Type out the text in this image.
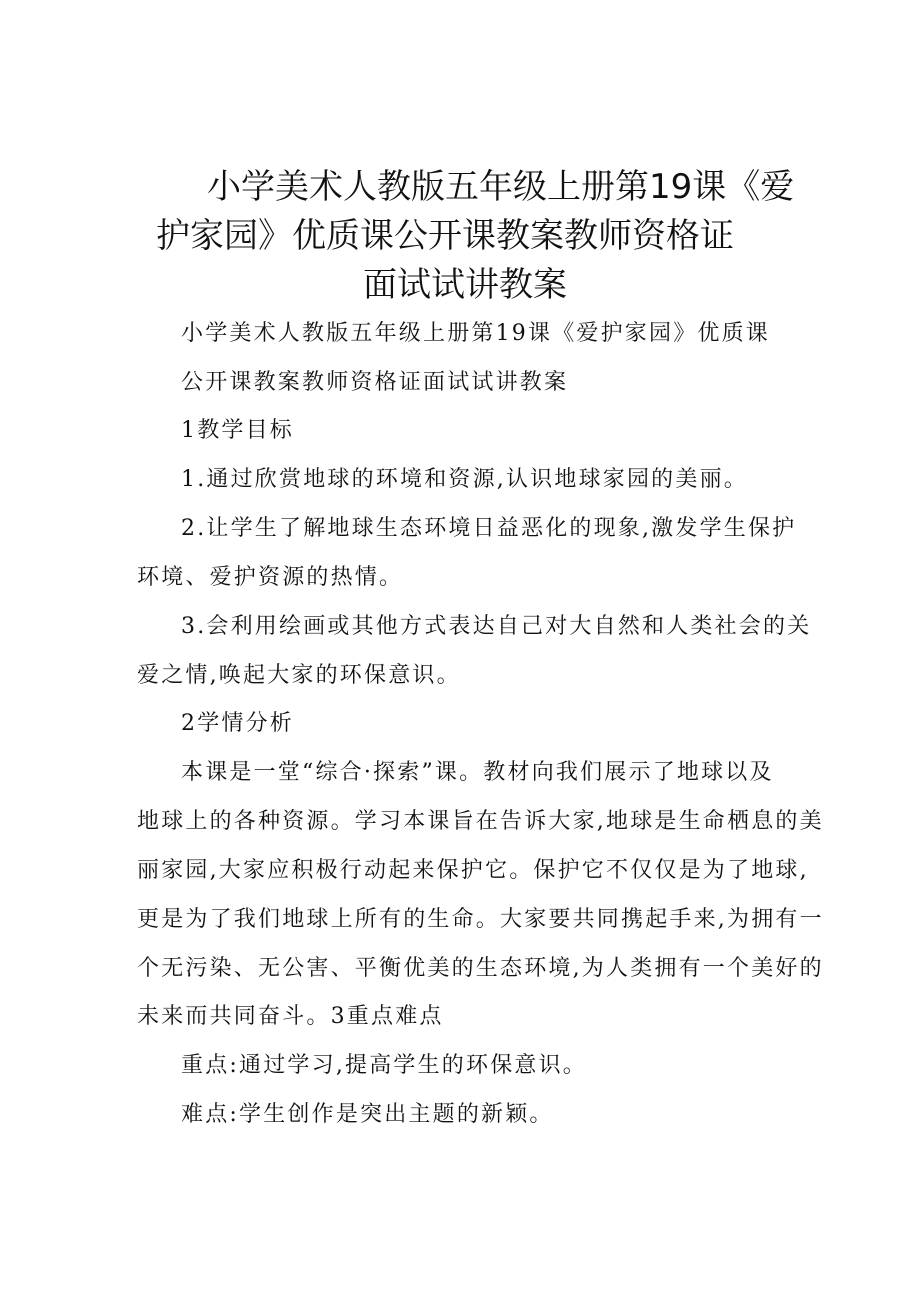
小学美术人教版五年级上册第19课《爱
护家园》优质课公开课教案教师资格证
面试试讲教案
小学美术人教版五年级上册第19课《爱护家园》优质课
公开课教案教师资格证面试试讲教案
1教学目标
1.通过欣赏地球的环境和资源,认识地球家园的美丽。
2.让学生了解地球生态环境日益恶化的现象,激发学生保护
环境、爱护资源的热情。
3.会利用绘画或其他方式表达自己对大自然和人类社会的关
爱之情,唤起大家的环保意识。
2学情分析
本课是一堂“综合·探索”课。教材向我们展示了地球以及
地球上的各种资源。学习本课旨在告诉大家,地球是生命栖息的美
丽家园,大家应积极行动起来保护它。保护它不仅仅是为了地球,
更是为了我们地球上所有的生命。大家要共同携起手来,为拥有一
个无污染、无公害、平衡优美的生态环境,为人类拥有一个美好的
未来而共同奋斗。3重点难点
重点:通过学习,提高学生的环保意识。
难点:学生创作是突出主题的新颖。
